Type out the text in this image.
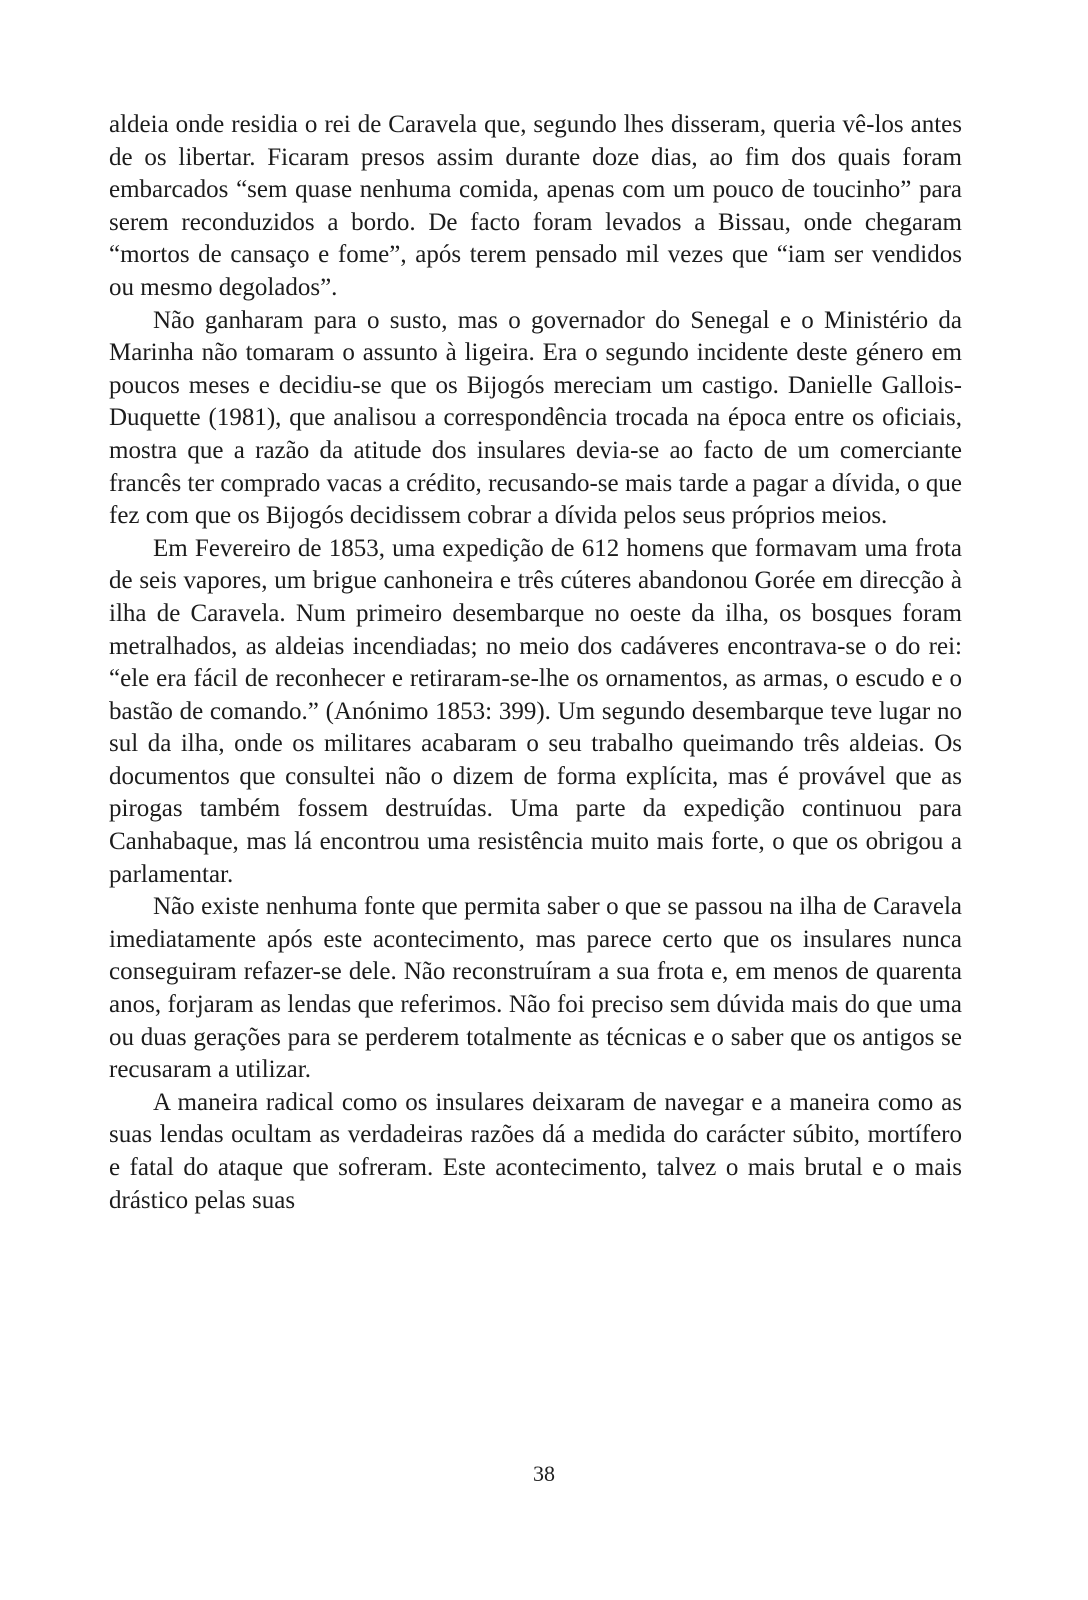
aldeia onde residia o rei de Caravela que, segundo lhes disseram, queria vê-los antes de os libertar. Ficaram presos assim durante doze dias, ao fim dos quais foram embarcados “sem quase nenhuma comida, apenas com um pouco de toucinho” para serem reconduzidos a bordo. De facto foram levados a Bissau, onde chegaram “mortos de cansaço e fome”, após terem pensado mil vezes que “iam ser vendidos ou mesmo degolados”.

Não ganharam para o susto, mas o governador do Senegal e o Ministério da Marinha não tomaram o assunto à ligeira. Era o segundo incidente deste género em poucos meses e decidiu-se que os Bijogós mereciam um castigo. Danielle Gallois-Duquette (1981), que analisou a correspondência trocada na época entre os oficiais, mostra que a razão da atitude dos insulares devia-se ao facto de um comerciante francês ter comprado vacas a crédito, recusando-se mais tarde a pagar a dívida, o que fez com que os Bijogós decidissem cobrar a dívida pelos seus próprios meios.

Em Fevereiro de 1853, uma expedição de 612 homens que formavam uma frota de seis vapores, um brigue canhoneira e três cúteres abandonou Gorée em direcção à ilha de Caravela. Num primeiro desembarque no oeste da ilha, os bosques foram metralhados, as aldeias incendiadas; no meio dos cadáveres encontrava-se o do rei: “ele era fácil de reconhecer e retiraram-se-lhe os ornamentos, as armas, o escudo e o bastão de comando.” (Anónimo 1853: 399). Um segundo desembarque teve lugar no sul da ilha, onde os militares acabaram o seu trabalho queimando três aldeias. Os documentos que consultei não o dizem de forma explícita, mas é provável que as pirogas também fossem destruídas. Uma parte da expedição continuou para Canhabaque, mas lá encontrou uma resistência muito mais forte, o que os obrigou a parlamentar.

Não existe nenhuma fonte que permita saber o que se passou na ilha de Caravela imediatamente após este acontecimento, mas parece certo que os insulares nunca conseguiram refazer-se dele. Não reconstruíram a sua frota e, em menos de quarenta anos, forjaram as lendas que referimos. Não foi preciso sem dúvida mais do que uma ou duas gerações para se perderem totalmente as técnicas e o saber que os antigos se recusaram a utilizar.

A maneira radical como os insulares deixaram de navegar e a maneira como as suas lendas ocultam as verdadeiras razões dá a medida do carácter súbito, mortífero e fatal do ataque que sofreram. Este acontecimento, talvez o mais brutal e o mais drástico pelas suas

38
